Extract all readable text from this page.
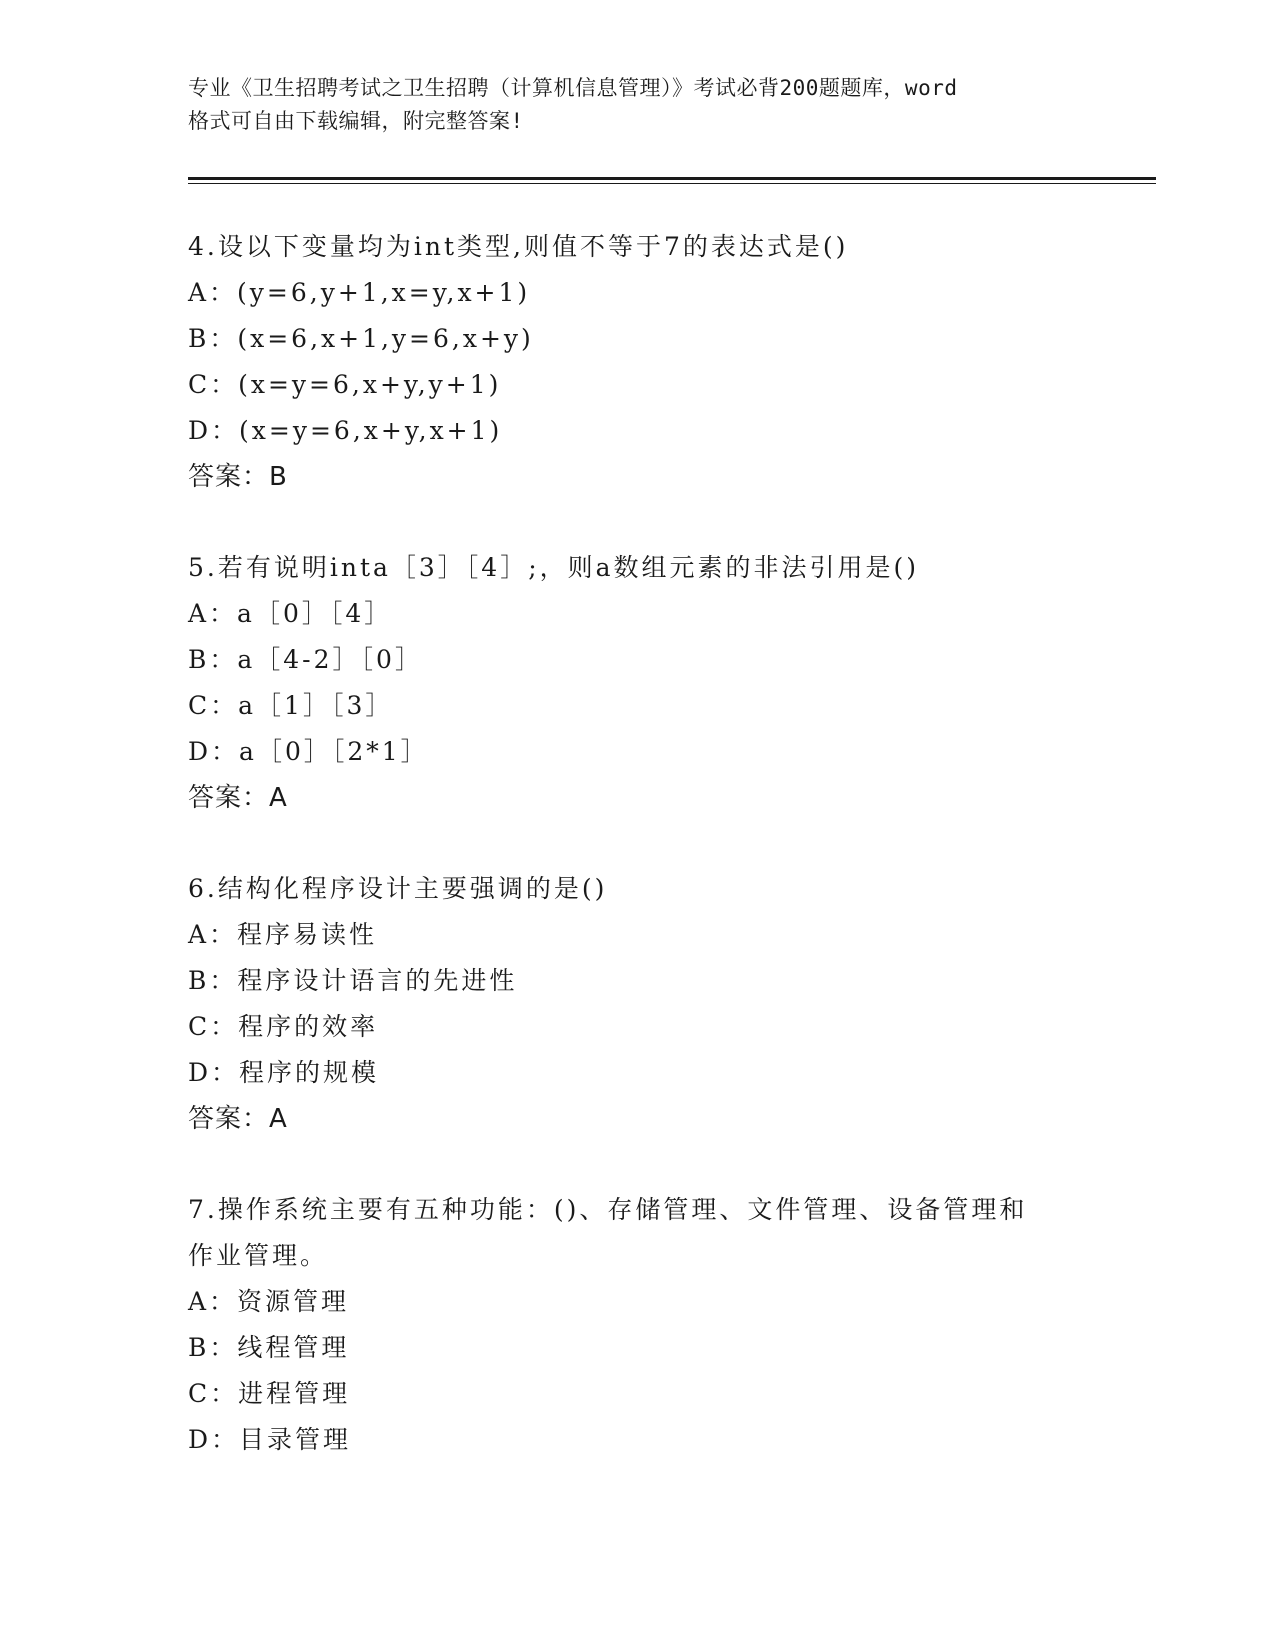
专业《卫生招聘考试之卫生招聘（计算机信息管理）》考试必背200题题库，word
格式可自由下载编辑，附完整答案!
4.设以下变量均为int类型,则值不等于7的表达式是()
A：(y=6,y+1,x=y,x+1)
B：(x=6,x+1,y=6,x+y)
C：(x=y=6,x+y,y+1)
D：(x=y=6,x+y,x+1)
答案：B
5.若有说明inta［3］［4］;，则a数组元素的非法引用是()
A：a［0］［4］
B：a［4-2］［0］
C：a［1］［3］
D：a［0］［2*1］
答案：A
6.结构化程序设计主要强调的是()
A：程序易读性
B：程序设计语言的先进性
C：程序的效率
D：程序的规模
答案：A
7.操作系统主要有五种功能：()、存储管理、文件管理、设备管理和
作业管理。
A：资源管理
B：线程管理
C：进程管理
D：目录管理
